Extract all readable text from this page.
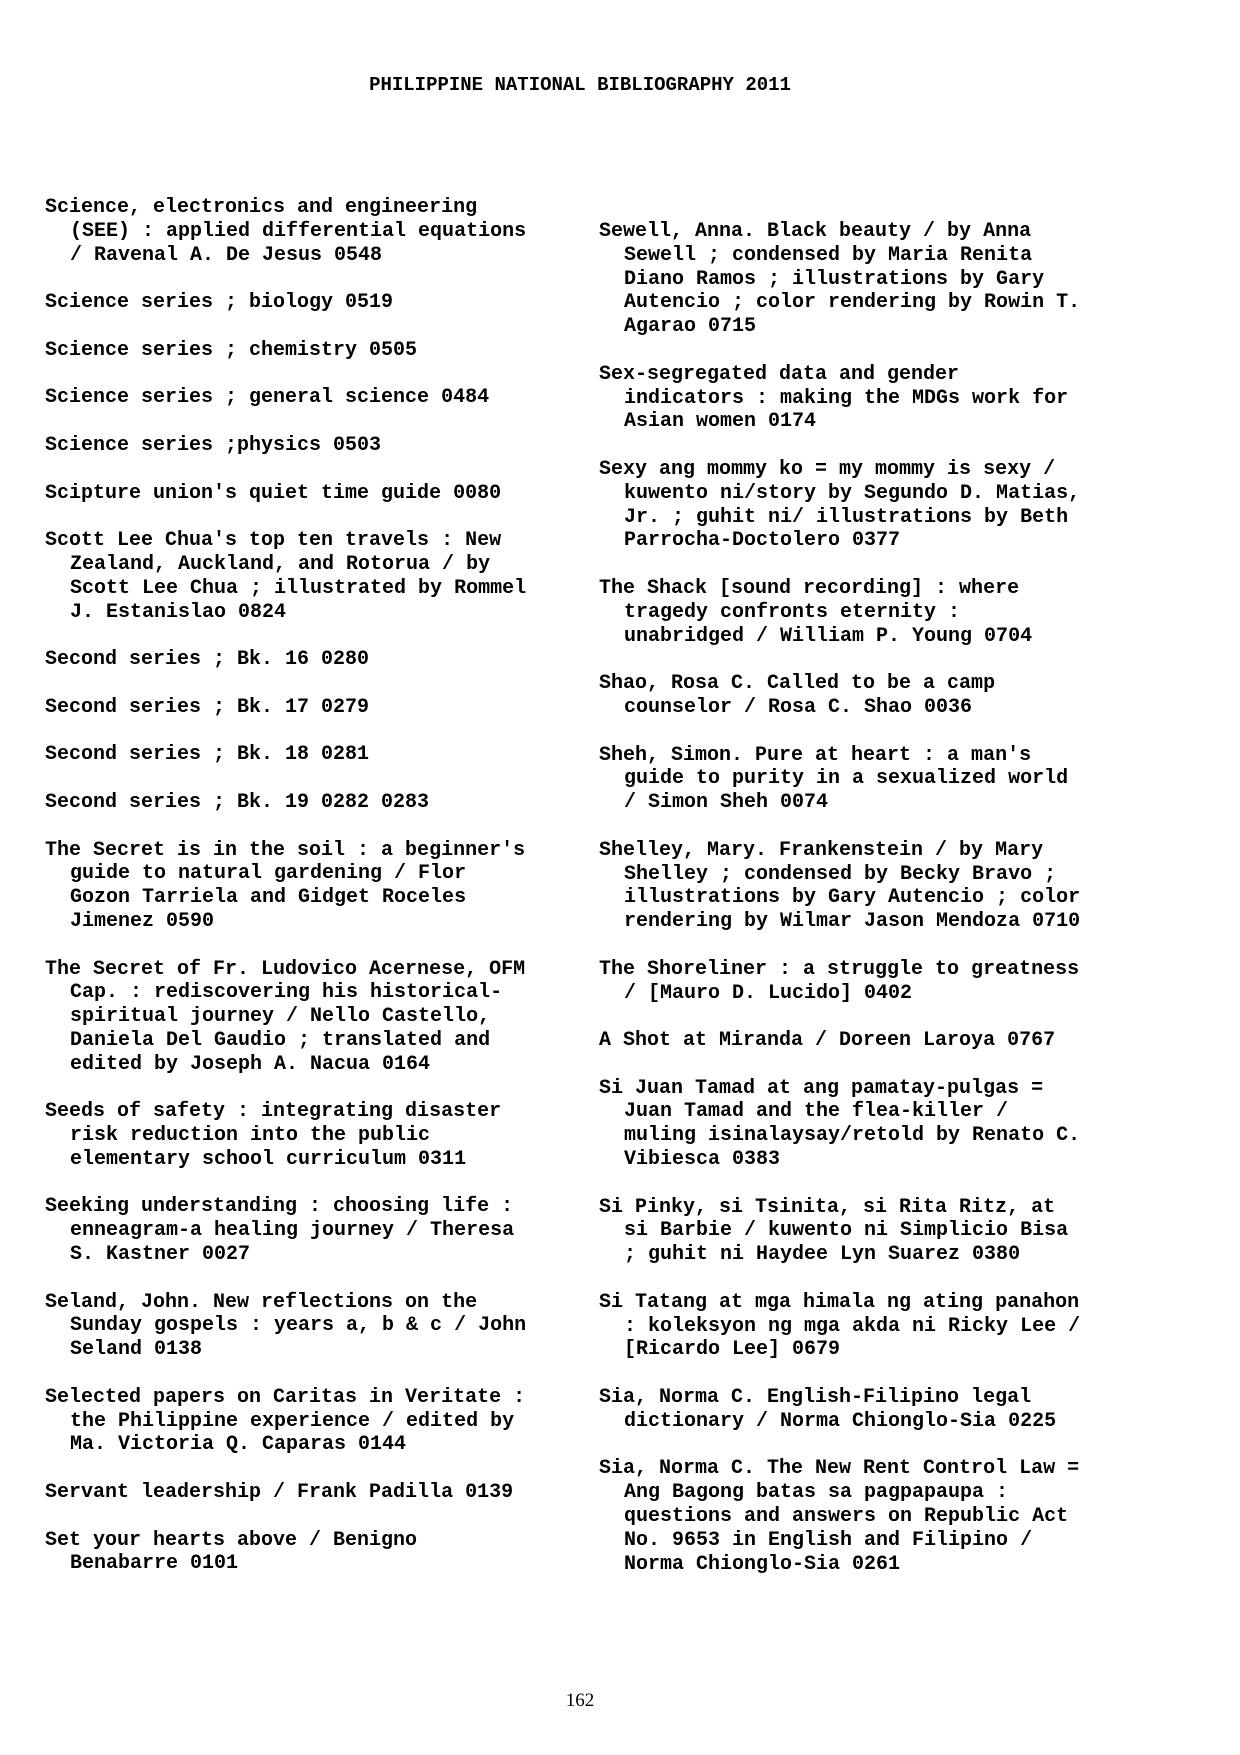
PHILIPPINE NATIONAL BIBLIOGRAPHY 2011
Science, electronics and engineering
(SEE) : applied differential equations
/ Ravenal A. De Jesus 0548
Science series ; biology 0519
Science series ; chemistry 0505
Science series ; general science 0484
Science series ;physics 0503
Scipture union's quiet time guide 0080
Scott Lee Chua's top ten travels : New
Zealand, Auckland, and Rotorua / by
Scott Lee Chua ; illustrated by Rommel
J. Estanislao 0824
Second series ; Bk. 16 0280
Second series ; Bk. 17 0279
Second series ; Bk. 18 0281
Second series ; Bk. 19 0282 0283
The Secret is in the soil : a beginner's
guide to natural gardening / Flor
Gozon Tarriela and Gidget Roceles
Jimenez 0590
The Secret of Fr. Ludovico Acernese, OFM
Cap. : rediscovering his historical-
spiritual journey / Nello Castello,
Daniela Del Gaudio ; translated and
edited by Joseph A. Nacua 0164
Seeds of safety : integrating disaster
risk reduction into the public
elementary school curriculum 0311
Seeking understanding : choosing life :
enneagram-a healing journey / Theresa
S. Kastner 0027
Seland, John. New reflections on the
Sunday gospels : years a, b & c / John
Seland 0138
Selected papers on Caritas in Veritate :
the Philippine experience / edited by
Ma. Victoria Q. Caparas 0144
Servant leadership / Frank Padilla 0139
Set your hearts above / Benigno
Benabarre 0101
Sewell, Anna. Black beauty / by Anna
Sewell ; condensed by Maria Renita
Diano Ramos ; illustrations by Gary
Autencio ; color rendering by Rowin T.
Agarao 0715
Sex-segregated data and gender
indicators : making the MDGs work for
Asian women 0174
Sexy ang mommy ko = my mommy is sexy /
kuwento ni/story by Segundo D. Matias,
Jr. ; guhit ni/ illustrations by Beth
Parrocha-Doctolero 0377
The Shack [sound recording] : where
tragedy confronts eternity :
unabridged / William P. Young 0704
Shao, Rosa C. Called to be a camp
counselor / Rosa C. Shao 0036
Sheh, Simon. Pure at heart : a man's
guide to purity in a sexualized world
/ Simon Sheh 0074
Shelley, Mary. Frankenstein / by Mary
Shelley ; condensed by Becky Bravo ;
illustrations by Gary Autencio ; color
rendering by Wilmar Jason Mendoza 0710
The Shoreliner : a struggle to greatness
/ [Mauro D. Lucido] 0402
A Shot at Miranda / Doreen Laroya 0767
Si Juan Tamad at ang pamatay-pulgas =
Juan Tamad and the flea-killer /
muling isinalaysay/retold by Renato C.
Vibiesca 0383
Si Pinky, si Tsinita, si Rita Ritz, at
si Barbie / kuwento ni Simplicio Bisa
; guhit ni Haydee Lyn Suarez 0380
Si Tatang at mga himala ng ating panahon
: koleksyon ng mga akda ni Ricky Lee /
[Ricardo Lee] 0679
Sia, Norma C. English-Filipino legal
dictionary / Norma Chionglo-Sia 0225
Sia, Norma C. The New Rent Control Law =
Ang Bagong batas sa pagpapaupa :
questions and answers on Republic Act
No. 9653 in English and Filipino /
Norma Chionglo-Sia 0261
162
